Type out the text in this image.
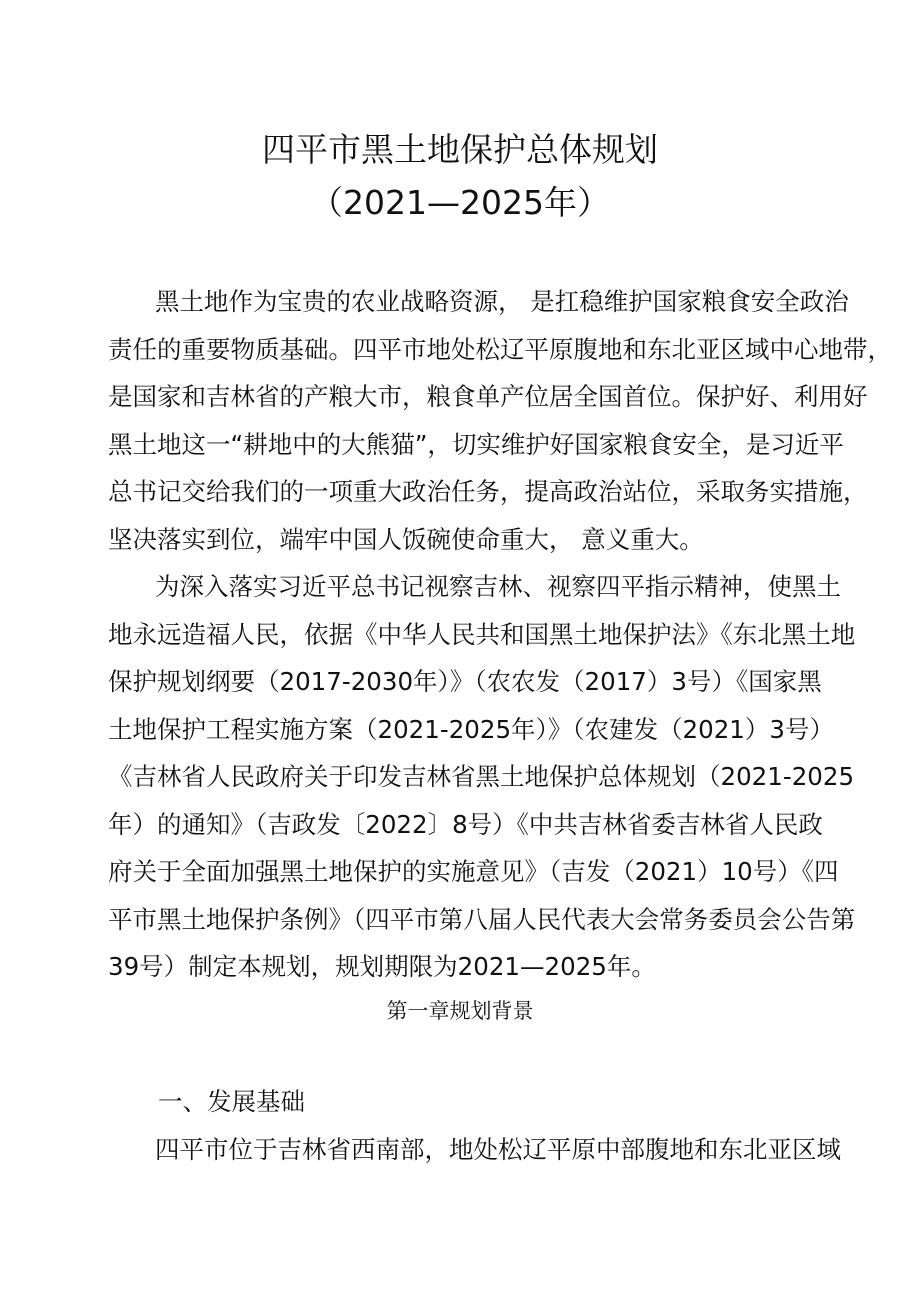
四平市黑土地保护总体规划
（2021—2025年）
黑土地作为宝贵的农业战略资源， 是扛稳维护国家粮食安全政治
责任的重要物质基础。四平市地处松辽平原腹地和东北亚区域中心地带，
是国家和吉林省的产粮大市，粮食单产位居全国首位。保护好、利用好
黑土地这一“耕地中的大熊猫”，切实维护好国家粮食安全，是习近平
总书记交给我们的一项重大政治任务，提高政治站位，采取务实措施，
坚决落实到位，端牢中国人饭碗使命重大， 意义重大。
为深入落实习近平总书记视察吉林、视察四平指示精神，使黑土
地永远造福人民，依据《中华人民共和国黑土地保护法》《东北黑土地
保护规划纲要（2017-2030年）》（农农发（2017）3号）《国家黑
土地保护工程实施方案（2021-2025年）》（农建发（2021）3号）
《吉林省人民政府关于印发吉林省黑土地保护总体规划（2021-2025
年）的通知》（吉政发〔2022〕8号）《中共吉林省委吉林省人民政
府关于全面加强黑土地保护的实施意见》（吉发（2021）10号）《四
平市黑土地保护条例》（四平市第八届人民代表大会常务委员会公告第
39号）制定本规划，规划期限为2021—2025年。
第一章规划背景
一、发展基础
四平市位于吉林省西南部，地处松辽平原中部腹地和东北亚区域
